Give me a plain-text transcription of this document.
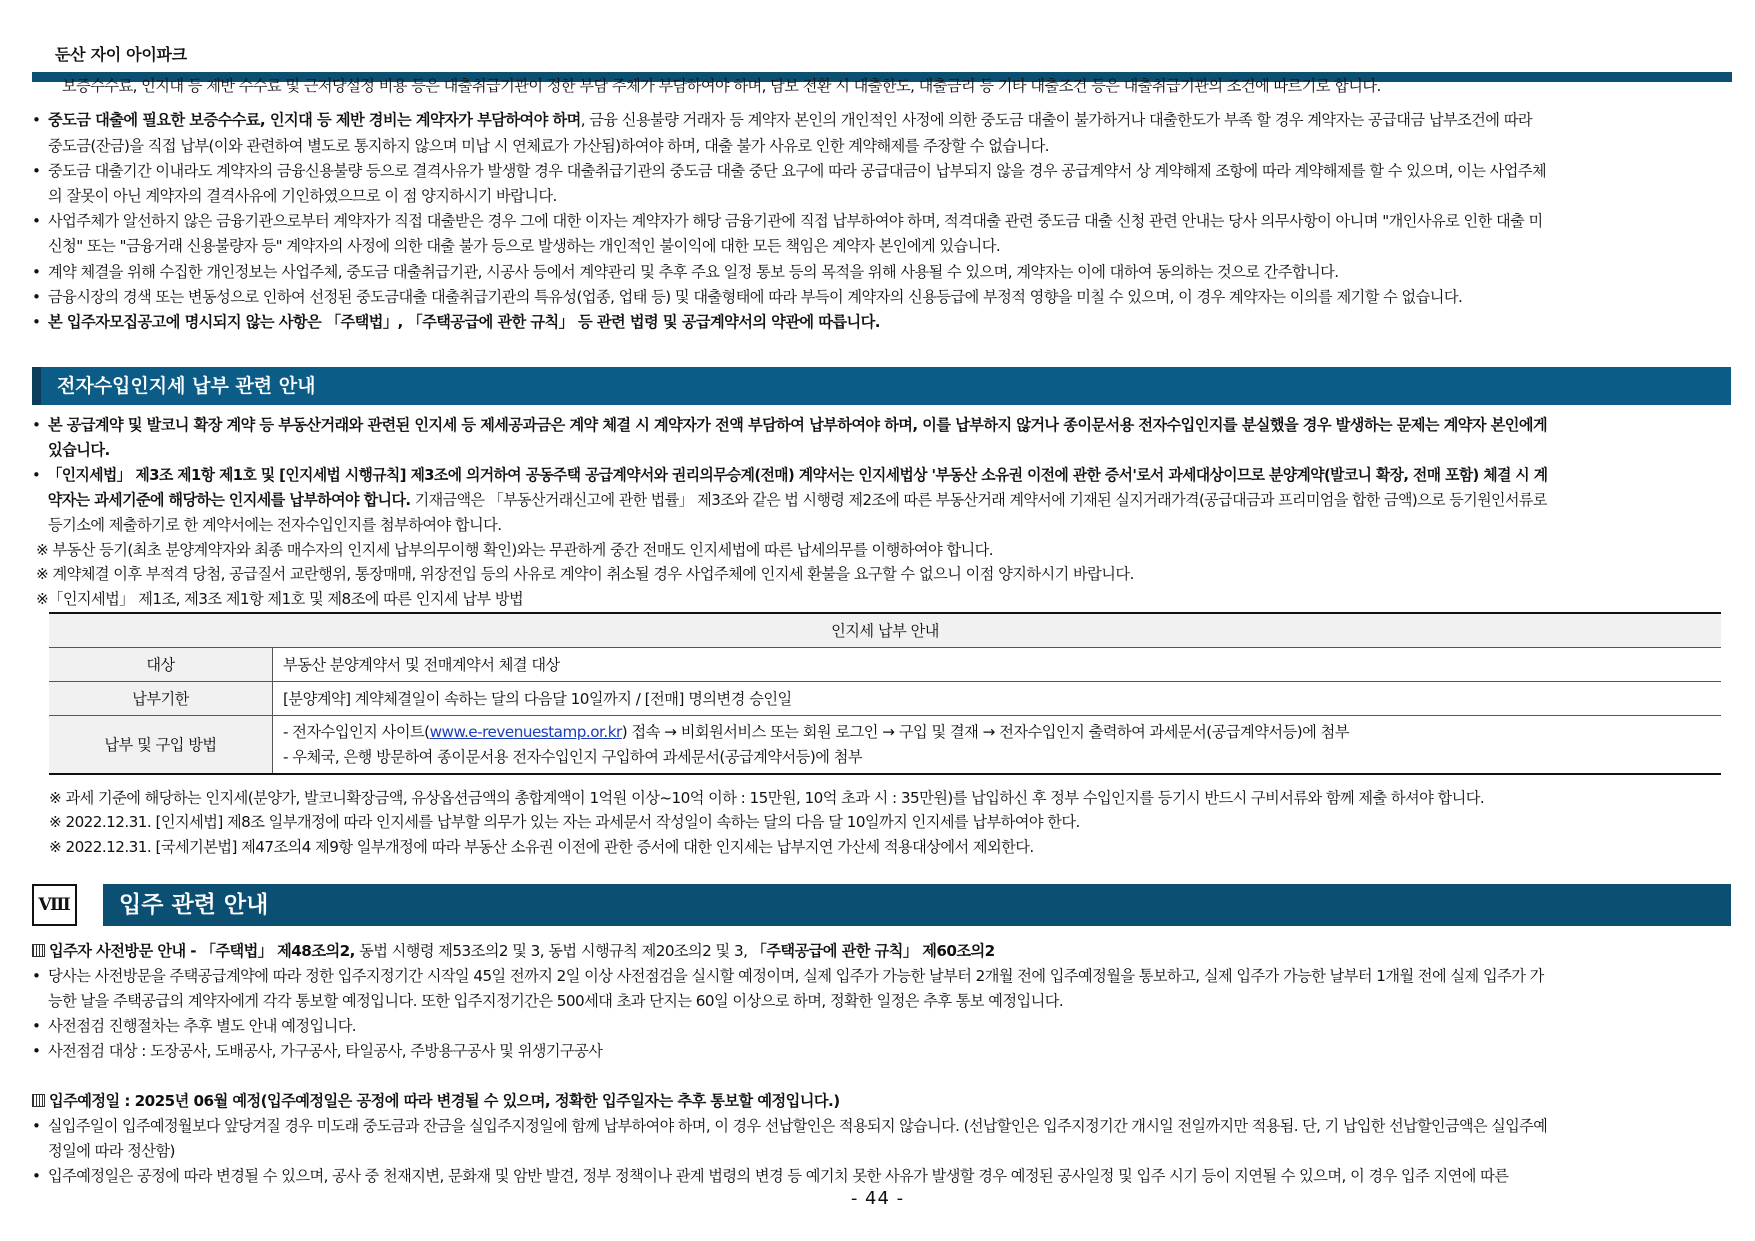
둔산 자이 아이파크
보증수수료, 인지대 등 제반 수수료 및 근저당설정 비용 등은 대출취급기관이 정한 부담 주체가 부담하여야 하며, 담보 전환 시 대출한도, 대출금리 등 기타 대출조건 등은 대출취급기관의 조건에 따르기로 합니다.
• 중도금 대출에 필요한 보증수수료, 인지대 등 제반 경비는 계약자가 부담하여야 하며, 금융 신용불량 거래자 등 계약자 본인의 개인적인 사정에 의한 중도금 대출이 불가하거나 대출한도가 부족 할 경우 계약자는 공급대금 납부조건에 따라
중도금(잔금)을 직접 납부(이와 관련하여 별도로 통지하지 않으며 미납 시 연체료가 가산됨)하여야 하며, 대출 불가 사유로 인한 계약해제를 주장할 수 없습니다.
• 중도금 대출기간 이내라도 계약자의 금융신용불량 등으로 결격사유가 발생할 경우 대출취급기관의 중도금 대출 중단 요구에 따라 공급대금이 납부되지 않을 경우 공급계약서 상 계약해제 조항에 따라 계약해제를 할 수 있으며, 이는 사업주체
의 잘못이 아닌 계약자의 결격사유에 기인하였으므로 이 점 양지하시기 바랍니다.
• 사업주체가 알선하지 않은 금융기관으로부터 계약자가 직접 대출받은 경우 그에 대한 이자는 계약자가 해당 금융기관에 직접 납부하여야 하며, 적격대출 관련 중도금 대출 신청 관련 안내는 당사 의무사항이 아니며 "개인사유로 인한 대출 미
신청" 또는 "금융거래 신용불량자 등" 계약자의 사정에 의한 대출 불가 등으로 발생하는 개인적인 불이익에 대한 모든 책임은 계약자 본인에게 있습니다.
• 계약 체결을 위해 수집한 개인정보는 사업주체, 중도금 대출취급기관, 시공사 등에서 계약관리 및 추후 주요 일정 통보 등의 목적을 위해 사용될 수 있으며, 계약자는 이에 대하여 동의하는 것으로 간주합니다.
• 금융시장의 경색 또는 변동성으로 인하여 선정된 중도금대출 대출취급기관의 특유성(업종, 업태 등) 및 대출형태에 따라 부득이 계약자의 신용등급에 부정적 영향을 미칠 수 있으며, 이 경우 계약자는 이의를 제기할 수 없습니다.
• 본 입주자모집공고에 명시되지 않는 사항은 「주택법」, 「주택공급에 관한 규칙」 등 관련 법령 및 공급계약서의 약관에 따릅니다.
전자수입인지세 납부 관련 안내
• 본 공급계약 및 발코니 확장 계약 등 부동산거래와 관련된 인지세 등 제세공과금은 계약 체결 시 계약자가 전액 부담하여 납부하여야 하며, 이를 납부하지 않거나 종이문서용 전자수입인지를 분실했을 경우 발생하는 문제는 계약자 본인에게
있습니다.
• 「인지세법」 제3조 제1항 제1호 및 [인지세법 시행규칙] 제3조에 의거하여 공동주택 공급계약서와 권리의무승계(전매) 계약서는 인지세법상 '부동산 소유권 이전에 관한 증서'로서 과세대상이므로 분양계약(발코니 확장, 전매 포함) 체결 시 계
약자는 과세기준에 해당하는 인지세를 납부하여야 합니다. 기재금액은 「부동산거래신고에 관한 법률」 제3조와 같은 법 시행령 제2조에 따른 부동산거래 계약서에 기재된 실지거래가격(공급대금과 프리미엄을 합한 금액)으로 등기원인서류로
등기소에 제출하기로 한 계약서에는 전자수입인지를 첨부하여야 합니다.
※ 부동산 등기(최초 분양계약자와 최종 매수자의 인지세 납부의무이행 확인)와는 무관하게 중간 전매도 인지세법에 따른 납세의무를 이행하여야 합니다.
※ 계약체결 이후 부적격 당첨, 공급질서 교란행위, 통장매매, 위장전입 등의 사유로 계약이 취소될 경우 사업주체에 인지세 환불을 요구할 수 없으니 이점 양지하시기 바랍니다.
※「인지세법」 제1조, 제3조 제1항 제1호 및 제8조에 따른 인지세 납부 방법
인지세 납부 안내	
대상	부동산 분양계약서 및 전매계약서 체결 대상
납부기한	[분양계약] 계약체결일이 속하는 달의 다음달 10일까지 / [전매] 명의변경 승인일
납부 및 구입 방법	- 전자수입인지 사이트(www.e-revenuestamp.or.kr) 접속 → 비회원서비스 또는 회원 로그인 → 구입 및 결재 → 전자수입인지 출력하여 과세문서(공급계약서등)에 첨부
- 우체국, 은행 방문하여 종이문서용 전자수입인지 구입하여 과세문서(공급계약서등)에 첨부
※ 과세 기준에 해당하는 인지세(분양가, 발코니확장금액, 유상옵션금액의 총합계액이 1억원 이상~10억 이하 : 15만원, 10억 초과 시 : 35만원)를 납입하신 후 정부 수입인지를 등기시 반드시 구비서류와 함께 제출 하셔야 합니다.
※ 2022.12.31. [인지세법] 제8조 일부개정에 따라 인지세를 납부할 의무가 있는 자는 과세문서 작성일이 속하는 달의 다음 달 10일까지 인지세를 납부하여야 한다.
※ 2022.12.31. [국세기본법] 제47조의4 제9항 일부개정에 따라 부동산 소유권 이전에 관한 증서에 대한 인지세는 납부지연 가산세 적용대상에서 제외한다.
Ⅷ	입주 관련 안내
입주자 사전방문 안내 - 「주택법」 제48조의2, 동법 시행령 제53조의2 및 3, 동법 시행규칙 제20조의2 및 3, 「주택공급에 관한 규칙」 제60조의2
• 당사는 사전방문을 주택공급계약에 따라 정한 입주지정기간 시작일 45일 전까지 2일 이상 사전점검을 실시할 예정이며, 실제 입주가 가능한 날부터 2개월 전에 입주예정월을 통보하고, 실제 입주가 가능한 날부터 1개월 전에 실제 입주가 가
능한 날을 주택공급의 계약자에게 각각 통보할 예정입니다. 또한 입주지정기간은 500세대 초과 단지는 60일 이상으로 하며, 정확한 일정은 추후 통보 예정입니다.
• 사전점검 진행절차는 추후 별도 안내 예정입니다.
• 사전점검 대상 : 도장공사, 도배공사, 가구공사, 타일공사, 주방용구공사 및 위생기구공사
입주예정일 : 2025년 06월 예정(입주예정일은 공정에 따라 변경될 수 있으며, 정확한 입주일자는 추후 통보할 예정입니다.)
• 실입주일이 입주예정월보다 앞당겨질 경우 미도래 중도금과 잔금을 실입주지정일에 함께 납부하여야 하며, 이 경우 선납할인은 적용되지 않습니다. (선납할인은 입주지정기간 개시일 전일까지만 적용됨. 단, 기 납입한 선납할인금액은 실입주예
정일에 따라 정산함)
• 입주예정일은 공정에 따라 변경될 수 있으며, 공사 중 천재지변, 문화재 및 암반 발견, 정부 정책이나 관계 법령의 변경 등 예기치 못한 사유가 발생할 경우 예정된 공사일정 및 입주 시기 등이 지연될 수 있으며, 이 경우 입주 지연에 따른
- 44 -
